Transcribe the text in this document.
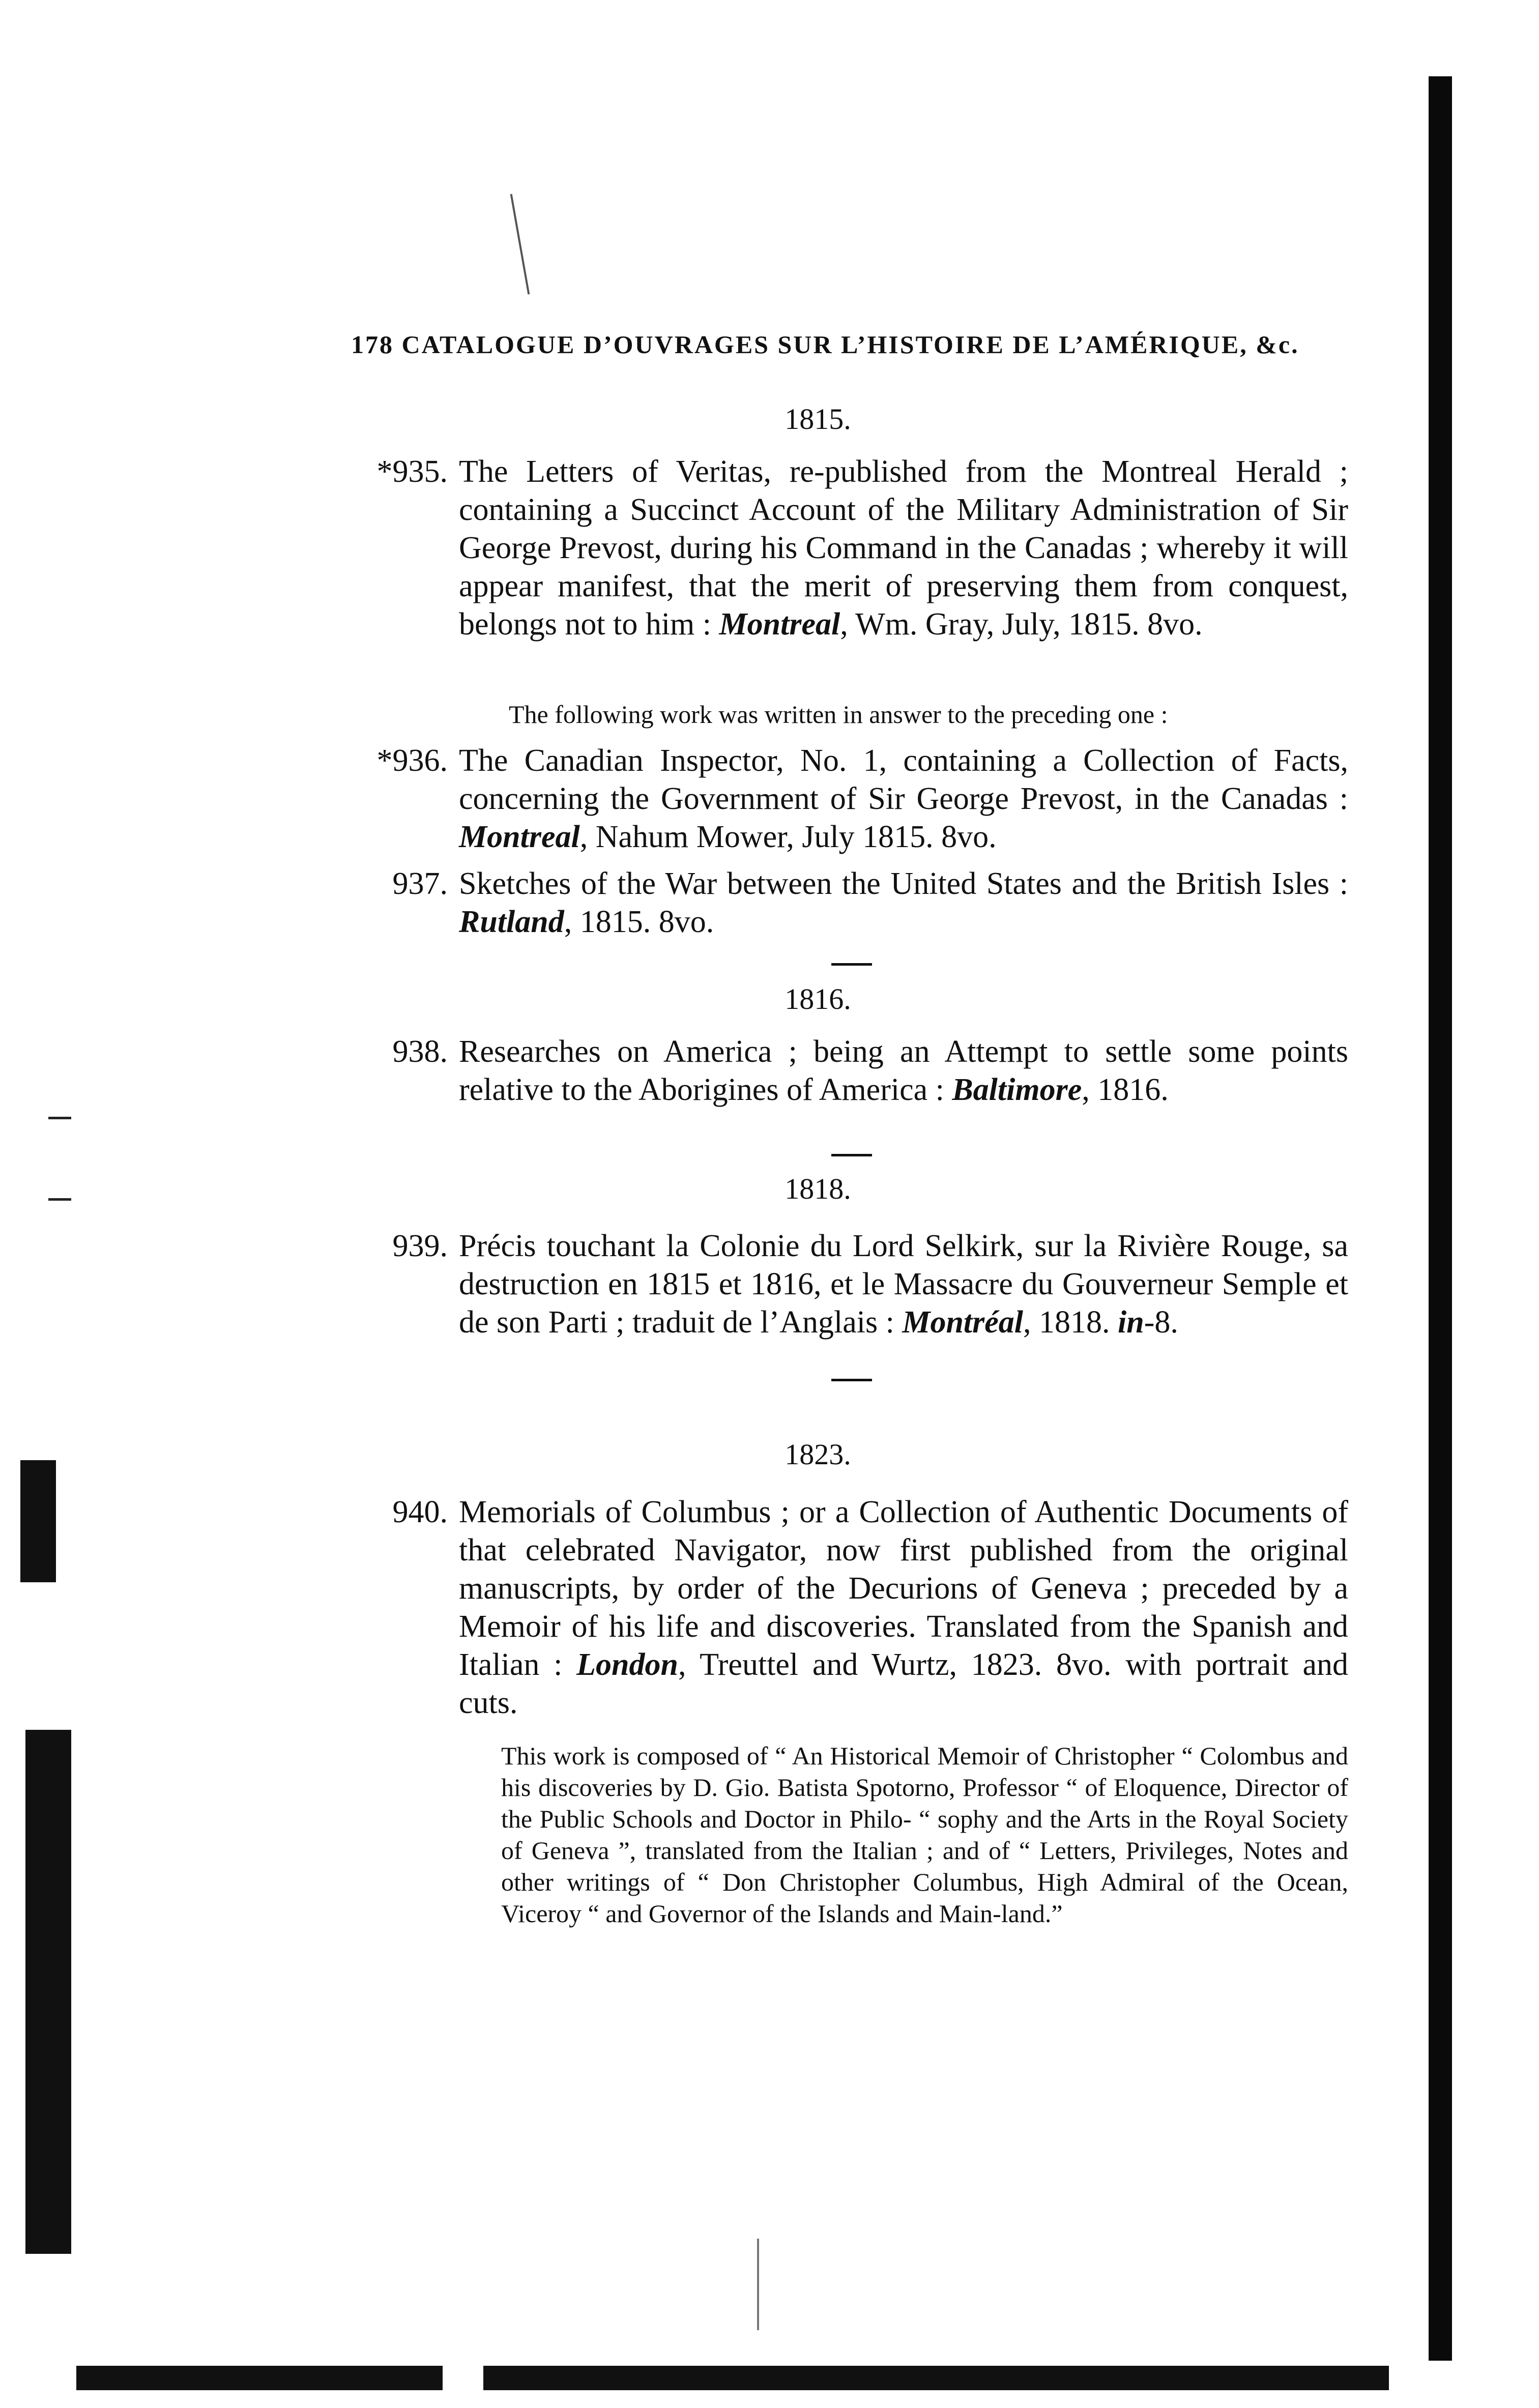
178 CATALOGUE D’OUVRAGES SUR L’HISTOIRE DE L’AMÉRIQUE, &c.
1815.
*935. The Letters of Veritas, re-published from the Montreal Herald ; containing a Succinct Account of the Military Administration of Sir George Prevost, during his Command in the Canadas ; whereby it will appear manifest, that the merit of preserving them from conquest, belongs not to him : Montreal, Wm. Gray, July, 1815. 8vo.
The following work was written in answer to the preceding one :
*936. The Canadian Inspector, No. 1, containing a Collection of Facts, concerning the Government of Sir George Prevost, in the Canadas : Montreal, Nahum Mower, July 1815. 8vo.
937. Sketches of the War between the United States and the British Isles : Rutland, 1815. 8vo.
1816.
938. Researches on America ; being an Attempt to settle some points relative to the Aborigines of America : Baltimore, 1816.
1818.
939. Précis touchant la Colonie du Lord Selkirk, sur la Rivière Rouge, sa destruction en 1815 et 1816, et le Massacre du Gouverneur Semple et de son Parti ; traduit de l’Anglais : Montréal, 1818. in-8.
1823.
940. Memorials of Columbus ; or a Collection of Authentic Documents of that celebrated Navigator, now first published from the original manuscripts, by order of the Decurions of Geneva ; preceded by a Memoir of his life and discoveries. Translated from the Spanish and Italian : London, Treuttel and Wurtz, 1823. 8vo. with portrait and cuts.
This work is composed of “ An Historical Memoir of Christopher “ Colombus and his discoveries by D. Gio. Batista Spotorno, Professor “ of Eloquence, Director of the Public Schools and Doctor in Philo- “ sophy and the Arts in the Royal Society of Geneva ”, translated from the Italian ; and of “ Letters, Privileges, Notes and other writings of “ Don Christopher Columbus, High Admiral of the Ocean, Viceroy “ and Governor of the Islands and Main-land.”
